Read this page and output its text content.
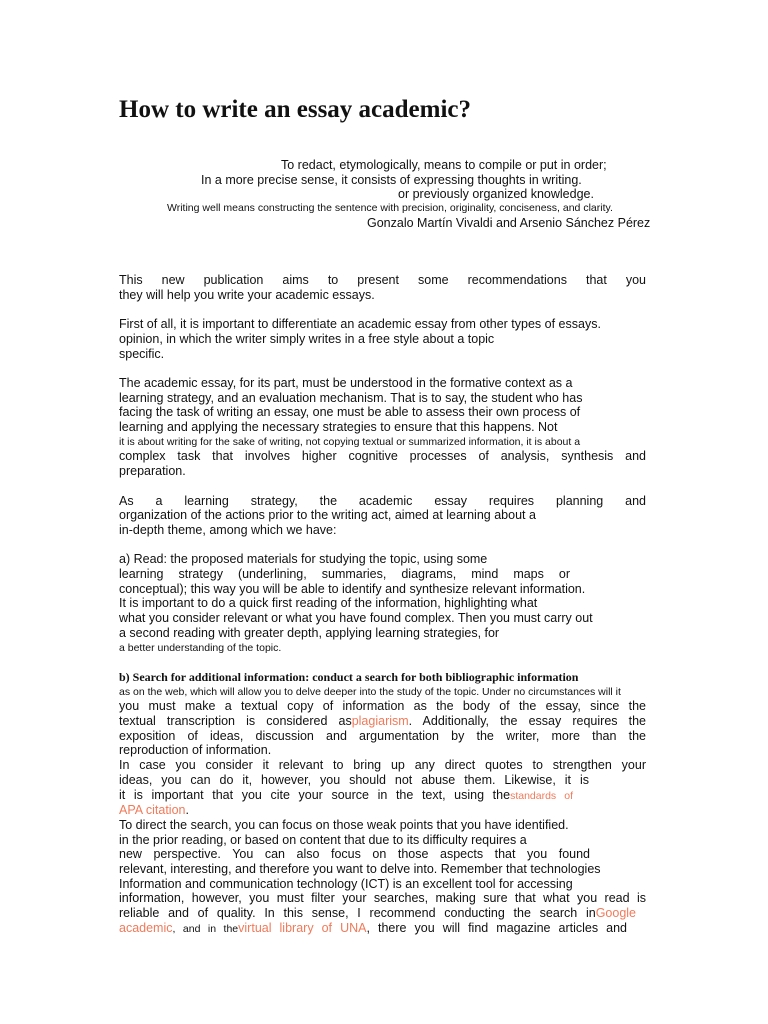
How to write an essay academic?

To redact, etymologically, means to compile or put in order;

In a more precise sense, it consists of expressing thoughts in writing.

or previously organized knowledge.

Writing well means constructing the sentence with precision, originality, conciseness, and clarity.

Gonzalo Martín Vivaldi and Arsenio Sánchez Pérez

This new publication aims to present some recommendations that you
they will help you write your academic essays.

First of all, it is important to differentiate an academic essay from other types of essays.
opinion, in which the writer simply writes in a free style about a topic
specific.

The academic essay, for its part, must be understood in the formative context as a
learning strategy, and an evaluation mechanism. That is to say, the student who has
facing the task of writing an essay, one must be able to assess their own process of
learning and applying the necessary strategies to ensure that this happens. Not
it is about writing for the sake of writing, not copying textual or summarized information, it is about a
complex task that involves higher cognitive processes of analysis, synthesis and
preparation.

As a learning strategy, the academic essay requires planning and
organization of the actions prior to the writing act, aimed at learning about a
in-depth theme, among which we have:

a) Read: the proposed materials for studying the topic, using some
learning strategy (underlining, summaries, diagrams, mind maps or
conceptual); this way you will be able to identify and synthesize relevant information.
It is important to do a quick first reading of the information, highlighting what
what you consider relevant or what you have found complex. Then you must carry out
a second reading with greater depth, applying learning strategies, for
a better understanding of the topic.

b) Search for additional information: conduct a search for both bibliographic information
as on the web, which will allow you to delve deeper into the study of the topic. Under no circumstances will it
you must make a textual copy of information as the body of the essay, since the
textual transcription is considered asplagiarism. Additionally, the essay requires the
exposition of ideas, discussion and argumentation by the writer, more than the
reproduction of information.
In case you consider it relevant to bring up any direct quotes to strengthen your
ideas, you can do it, however, you should not abuse them. Likewise, it is
it is important that you cite your source in the text, using thestandards of
APA citation.
To direct the search, you can focus on those weak points that you have identified.
in the prior reading, or based on content that due to its difficulty requires a
new perspective. You can also focus on those aspects that you found
relevant, interesting, and therefore you want to delve into. Remember that technologies
Information and communication technology (ICT) is an excellent tool for accessing
information, however, you must filter your searches, making sure that what you read is
reliable and of quality. In this sense, I recommend conducting the search inGoogle
academic, and in thevirtual library of UNA, there you will find magazine articles and
